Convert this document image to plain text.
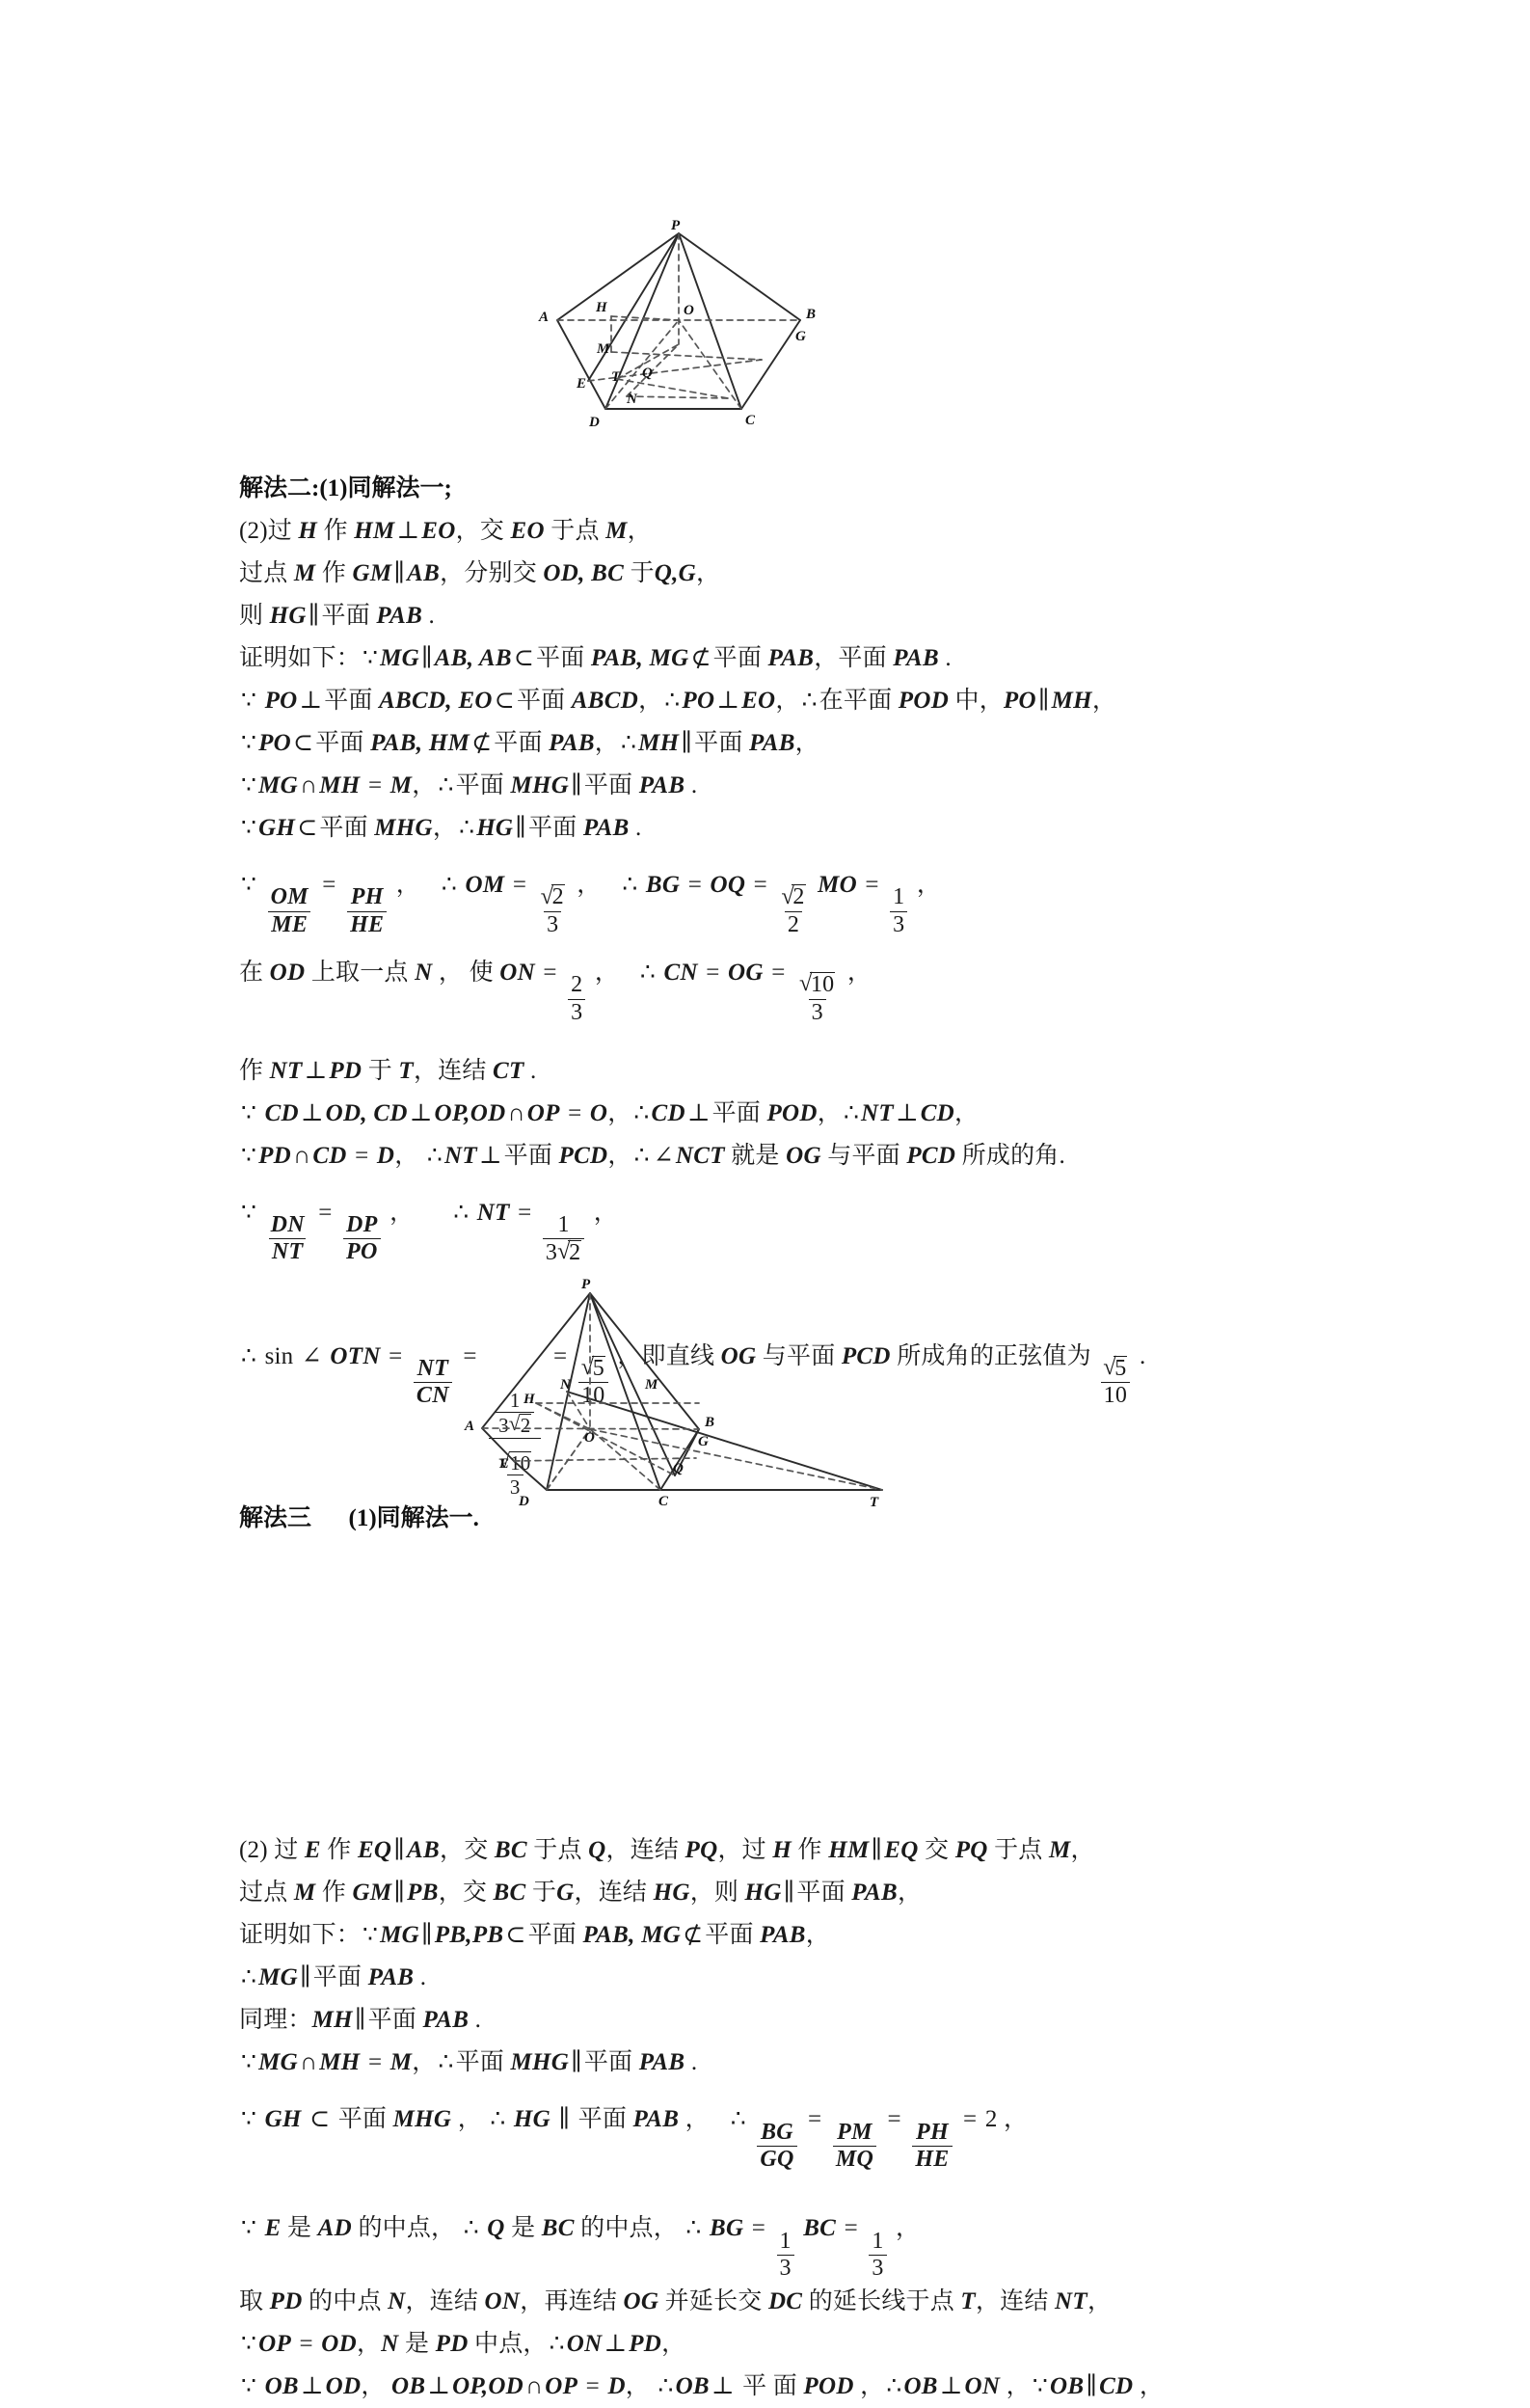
P
H	O
A	B
M
G
T Q
E
N
D	C
解法二:(1)同解法一;
(2)过 H 作 HM⊥EO，交 EO 于点 M，
过点 M 作 GM∥AB，分别交 OD, BC 于Q,G，
则 HG∥平面 PAB .
证明如下：∵MG∥AB, AB⊂平面 PAB, MG⊄平面 PAB，平面 PAB .
∵ PO⊥平面 ABCD, EO⊂平面 ABCD，∴PO⊥EO，∴在平面 POD 中，PO∥MH，
∵PO⊂平面 PAB, HM⊄平面 PAB，∴MH∥平面 PAB，
∵MG∩MH = M，∴平面 MHG∥平面 PAB .
∵GH⊂平面 MHG，∴HG∥平面 PAB .
∵
$\frac{OM}{ME}$
=
$\frac{PH}{HE}$
， ∴ OM = √ $\frac{2}{3}$ ， ∴ BG = OQ = √ $\frac{2}{2}$ MO =
$\frac{1}{3}$
，
在 OD 上取一点 N ， 使 ON =
$\frac{2}{3}$
， ∴ CN = OG = √ $\frac{10}{3}$ ，
作 NT⊥PD 于 T，连结 CT .
∵ CD⊥OD, CD⊥OP,OD∩OP = O，∴CD⊥平面 POD，∴NT⊥CD，
∵PD∩CD = D， ∴NT⊥平面 PCD，∴ ∠NCT 就是 OG 与平面 PCD 所成的角.
∵
$\frac{DN}{NT}$
=
$\frac{DP}{PO}$
， ∴ NT =
$\frac{1}{3 √ 2}$
，
∴ sin ∠ OTN =
$\frac{NT}{CN}$
=
$\frac{1}{3 √ 2}$
√ $\frac{10}{3}$
= √ $\frac{5}{10}$ ，即直线 OG 与平面 PCD 所成角的正弦值为 √ $\frac{5}{10}$ .
解法三 (1)同解法一.
(2) 过 E 作 EQ∥AB，交 BC 于点 Q，连结 PQ，过 H 作 HM∥EQ 交 PQ 于点 M，
过点 M 作 GM∥PB，交 BC 于G，连结 HG，则 HG∥平面 PAB，
证明如下：∵MG∥PB,PB⊂平面 PAB, MG⊄平面 PAB，
∴MG∥平面 PAB .
同理：MH∥平面 PAB .
∵MG∩MH = M，∴平面 MHG∥平面 PAB .
∵ GH ⊂ 平面 MHG ， ∴ HG ∥ 平面 PAB ， ∴
$\frac{BG}{GQ}$
=
$\frac{PM}{MQ}$
=
$\frac{PH}{HE}$
= 2 ，
∵ E 是 AD 的中点， ∴ Q 是 BC 的中点， ∴ BG =
$\frac{1}{3}$
BC =
$\frac{1}{3}$
，
取 PD 的中点 N，连结 ON，再连结 OG 并延长交 DC 的延长线于点 T，连结 NT，
∵OP = OD，N 是 PD 中点，∴ON⊥PD，
∵ OB⊥OD， OB⊥OP,OD∩OP = D， ∴OB⊥ 平 面 POD ，∴OB⊥ON ，∵OB∥CD ，
P
N	M
H
A	B
O	G
E	Q
D	C	T
